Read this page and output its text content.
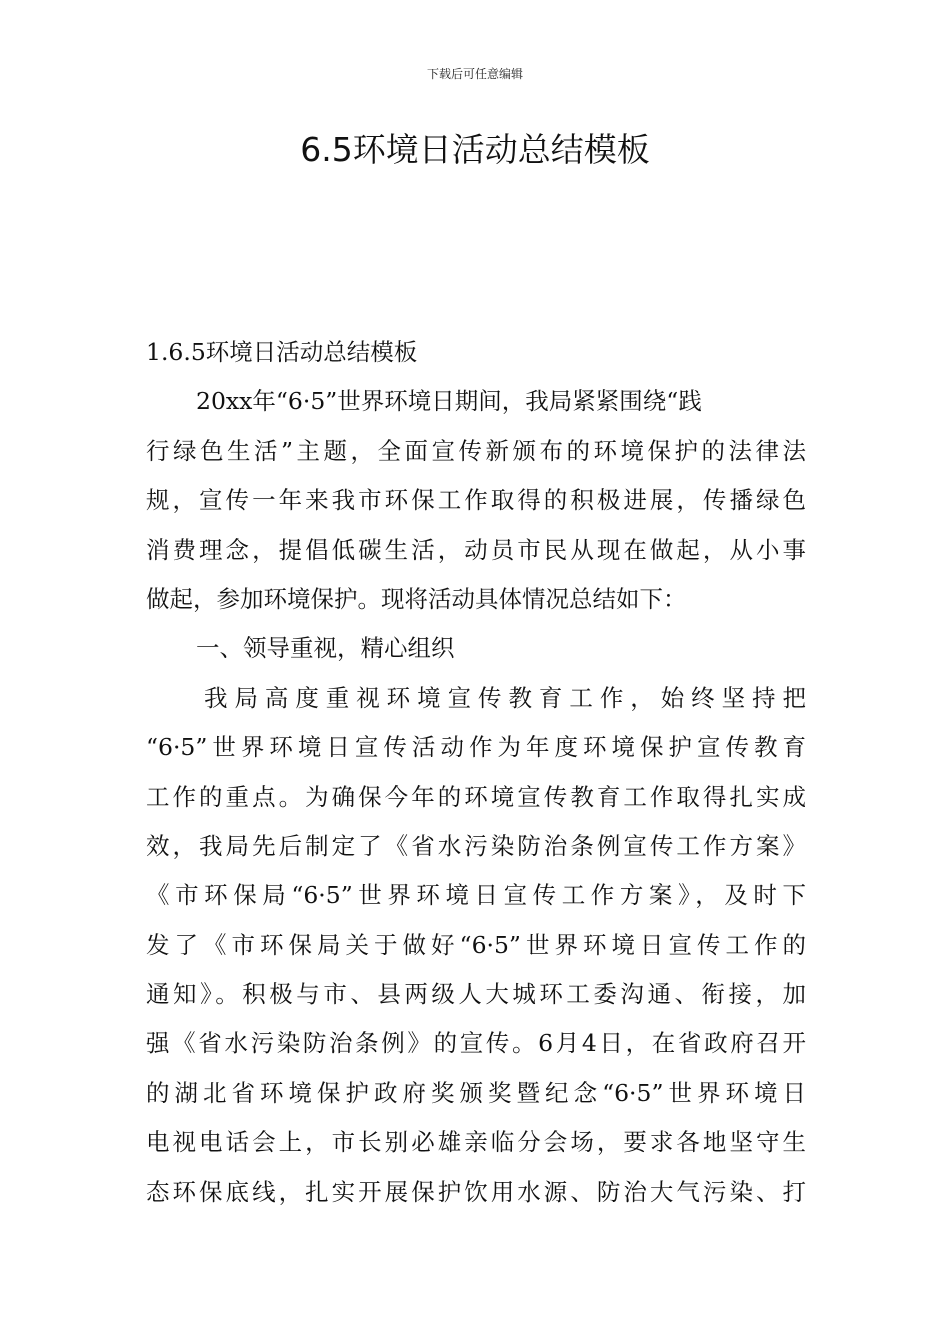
下载后可任意编辑
6.5环境日活动总结模板
1.6.5环境日活动总结模板
20xx年“6·5”世界环境日期间，我局紧紧围绕“践
行绿色生活”主题，全面宣传新颁布的环境保护的法律法
规，宣传一年来我市环保工作取得的积极进展，传播绿色
消费理念，提倡低碳生活，动员市民从现在做起，从小事
做起，参加环境保护。现将活动具体情况总结如下：
一、领导重视，精心组织
我局高度重视环境宣传教育工作，始终坚持把
“6·5”世界环境日宣传活动作为年度环境保护宣传教育
工作的重点。为确保今年的环境宣传教育工作取得扎实成
效，我局先后制定了《省水污染防治条例宣传工作方案》
《市环保局“6·5”世界环境日宣传工作方案》，及时下
发了《市环保局关于做好“6·5”世界环境日宣传工作的
通知》。积极与市、县两级人大城环工委沟通、衔接，加
强《省水污染防治条例》的宣传。6月4日，在省政府召开
的湖北省环境保护政府奖颁奖暨纪念“6·5”世界环境日
电视电话会上，市长别必雄亲临分会场，要求各地坚守生
态环保底线，扎实开展保护饮用水源、防治大气污染、打
